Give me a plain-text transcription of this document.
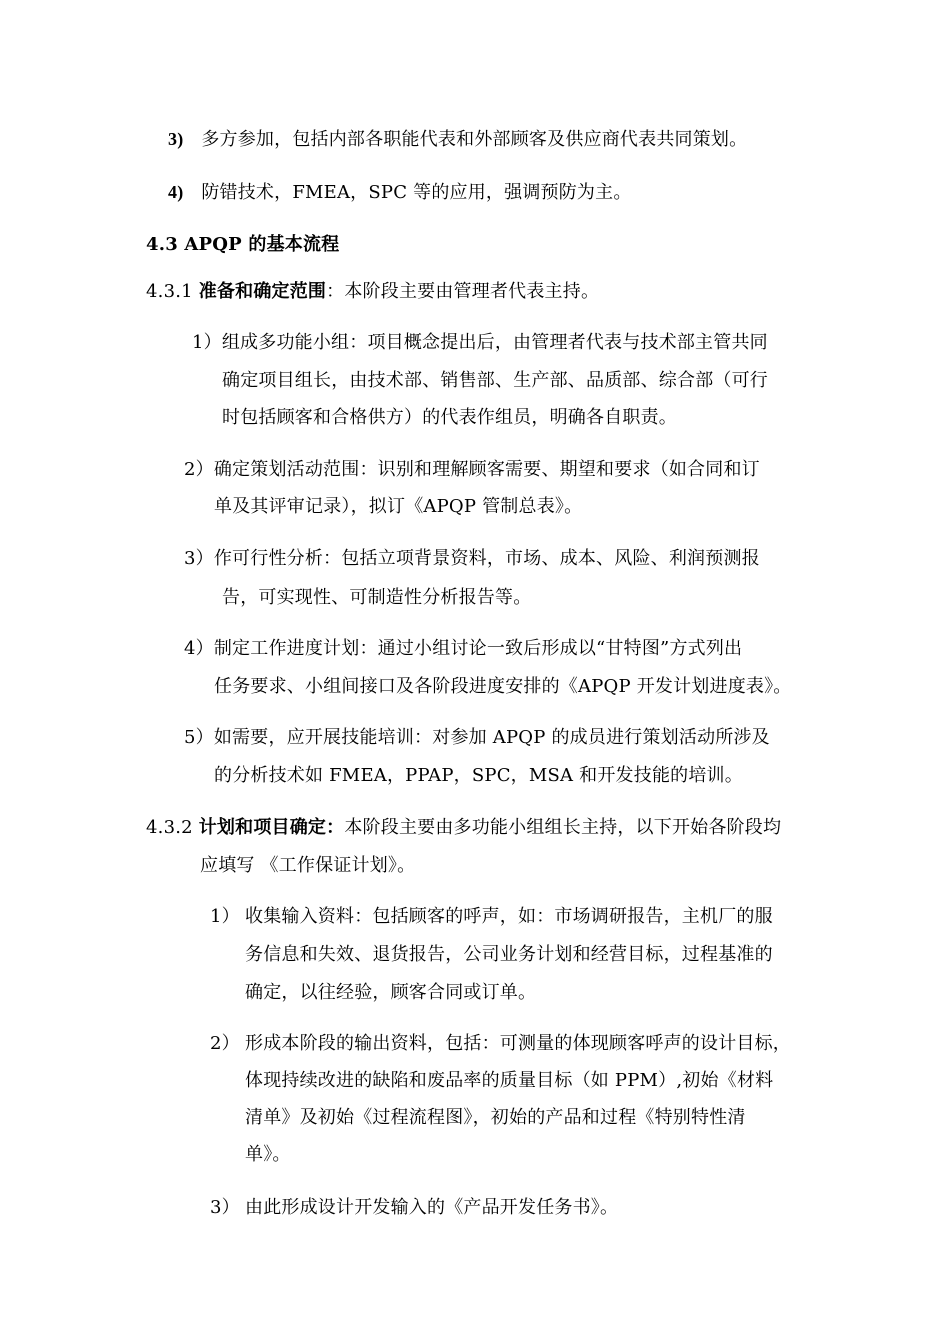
3) 多方参加，包括内部各职能代表和外部顾客及供应商代表共同策划。
4) 防错技术，FMEA，SPC 等的应用，强调预防为主。
4.3 APQP 的基本流程
4.3.1 准备和确定范围：本阶段主要由管理者代表主持。
1）组成多功能小组：项目概念提出后，由管理者代表与技术部主管共同
确定项目组长，由技术部、销售部、生产部、品质部、综合部（可行
时包括顾客和合格供方）的代表作组员，明确各自职责。
2）确定策划活动范围：识别和理解顾客需要、期望和要求（如合同和订
单及其评审记录），拟订《APQP 管制总表》。
3）作可行性分析：包括立项背景资料，市场、成本、风险、利润预测报
告，可实现性、可制造性分析报告等。
4）制定工作进度计划：通过小组讨论一致后形成以“甘特图”方式列出
任务要求、小组间接口及各阶段进度安排的《APQP 开发计划进度表》。
5）如需要，应开展技能培训：对参加 APQP 的成员进行策划活动所涉及
的分析技术如 FMEA，PPAP，SPC，MSA 和开发技能的培训。
4.3.2 计划和项目确定：本阶段主要由多功能小组组长主持，以下开始各阶段均
应填写 《工作保证计划》。
1） 收集输入资料：包括顾客的呼声，如：市场调研报告，主机厂的服
务信息和失效、退货报告，公司业务计划和经营目标，过程基准的
确定，以往经验，顾客合同或订单。
2） 形成本阶段的输出资料，包括：可测量的体现顾客呼声的设计目标，
体现持续改进的缺陷和废品率的质量目标（如 PPM）,初始《材料
清单》及初始《过程流程图》，初始的产品和过程《特别特性清
单》。
3） 由此形成设计开发输入的《产品开发任务书》。
